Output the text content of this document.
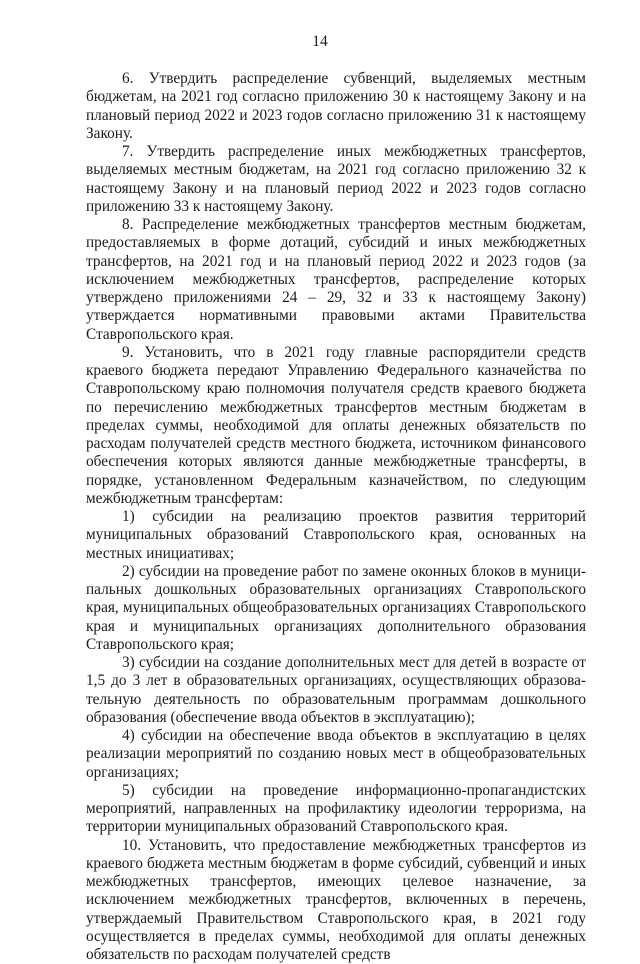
14

6. Утвердить распределение субвенций, выделяемых местным бюджетам, на 2021 год согласно приложению 30 к настоящему Закону и на плановый период 2022 и 2023 годов согласно приложению 31 к настоящему Закону.

7. Утвердить распределение иных межбюджетных трансфертов, выделяемых местным бюджетам, на 2021 год согласно приложению 32 к настоящему Закону и на плановый период 2022 и 2023 годов согласно приложению 33 к настоящему Закону.

8. Распределение межбюджетных трансфертов местным бюджетам, предоставляемых в форме дотаций, субсидий и иных межбюджетных трансфертов, на 2021 год и на плановый период 2022 и 2023 годов (за исключением межбюджетных трансфертов, распределение которых утверждено приложениями 24 – 29, 32 и 33 к настоящему Закону) утверждается нормативными правовыми актами Правительства Ставропольского края.

9. Установить, что в 2021 году главные распорядители средств краевого бюджета передают Управлению Федерального казначейства по Ставропольскому краю полномочия получателя средств краевого бюджета по перечислению межбюджетных трансфертов местным бюджетам в пределах суммы, необходимой для оплаты денежных обязательств по расходам получателей средств местного бюджета, источником финансового обеспечения которых являются данные межбюджетные трансферты, в порядке, установленном Федеральным казначейством, по следующим межбюджетным трансфертам:

1) субсидии на реализацию проектов развития территорий муниципальных образований Ставропольского края, основанных на местных инициативах;

2) субсидии на проведение работ по замене оконных блоков в муниципальных дошкольных образовательных организациях Ставропольского края, муниципальных общеобразовательных организациях Ставропольского края и муниципальных организациях дополнительного образования Ставропольского края;

3) субсидии на создание дополнительных мест для детей в возрасте от 1,5 до 3 лет в образовательных организациях, осуществляющих образовательную деятельность по образовательным программам дошкольного образования (обеспечение ввода объектов в эксплуатацию);

4) субсидии на обеспечение ввода объектов в эксплуатацию в целях реализации мероприятий по созданию новых мест в общеобразовательных организациях;

5) субсидии на проведение информационно-пропагандистских мероприятий, направленных на профилактику идеологии терроризма, на территории муниципальных образований Ставропольского края.

10. Установить, что предоставление межбюджетных трансфертов из краевого бюджета местным бюджетам в форме субсидий, субвенций и иных межбюджетных трансфертов, имеющих целевое назначение, за исключением межбюджетных трансфертов, включенных в перечень, утверждаемый Правительством Ставропольского края, в 2021 году осуществляется в пределах суммы, необходимой для оплаты денежных обязательств по расходам получателей средств
